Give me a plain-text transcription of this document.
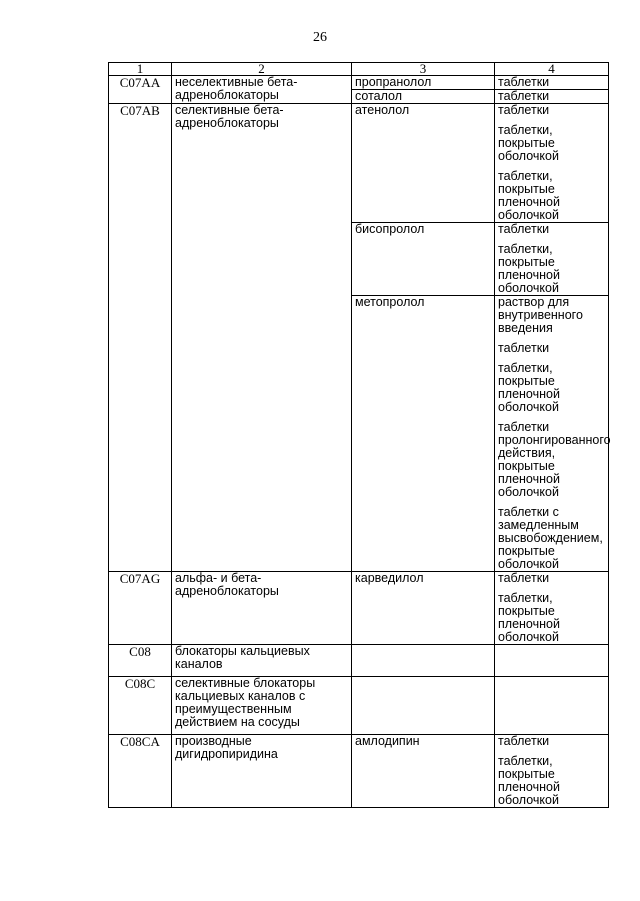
26
1	2	3	4
C07AA	неселективные бета-адреноблокаторы	пропранолол	таблетки

		соталол	таблетки

C07AB	селективные бета-адреноблокаторы	атенолол	таблетки
таблетки, покрытые оболочкой
таблетки, покрытые пленочной оболочкой

		бисопролол	таблетки
таблетки, покрытые пленочной оболочкой

		метопролол	раствор для внутривенного введения
таблетки
таблетки, покрытые пленочной оболочкой
таблетки пролонгированного действия, покрытые пленочной оболочкой
таблетки с замедленным высвобождением, покрытые оболочкой

C07AG	альфа- и бета-адреноблокаторы	карведилол	таблетки
таблетки, покрытые пленочной оболочкой

C08	блокаторы кальциевых каналов		
C08C	селективные блокаторы кальциевых каналов с преимущественным действием на сосуды		
C08CA	производные дигидропиридина	амлодипин	таблетки
таблетки, покрытые пленочной оболочкой
